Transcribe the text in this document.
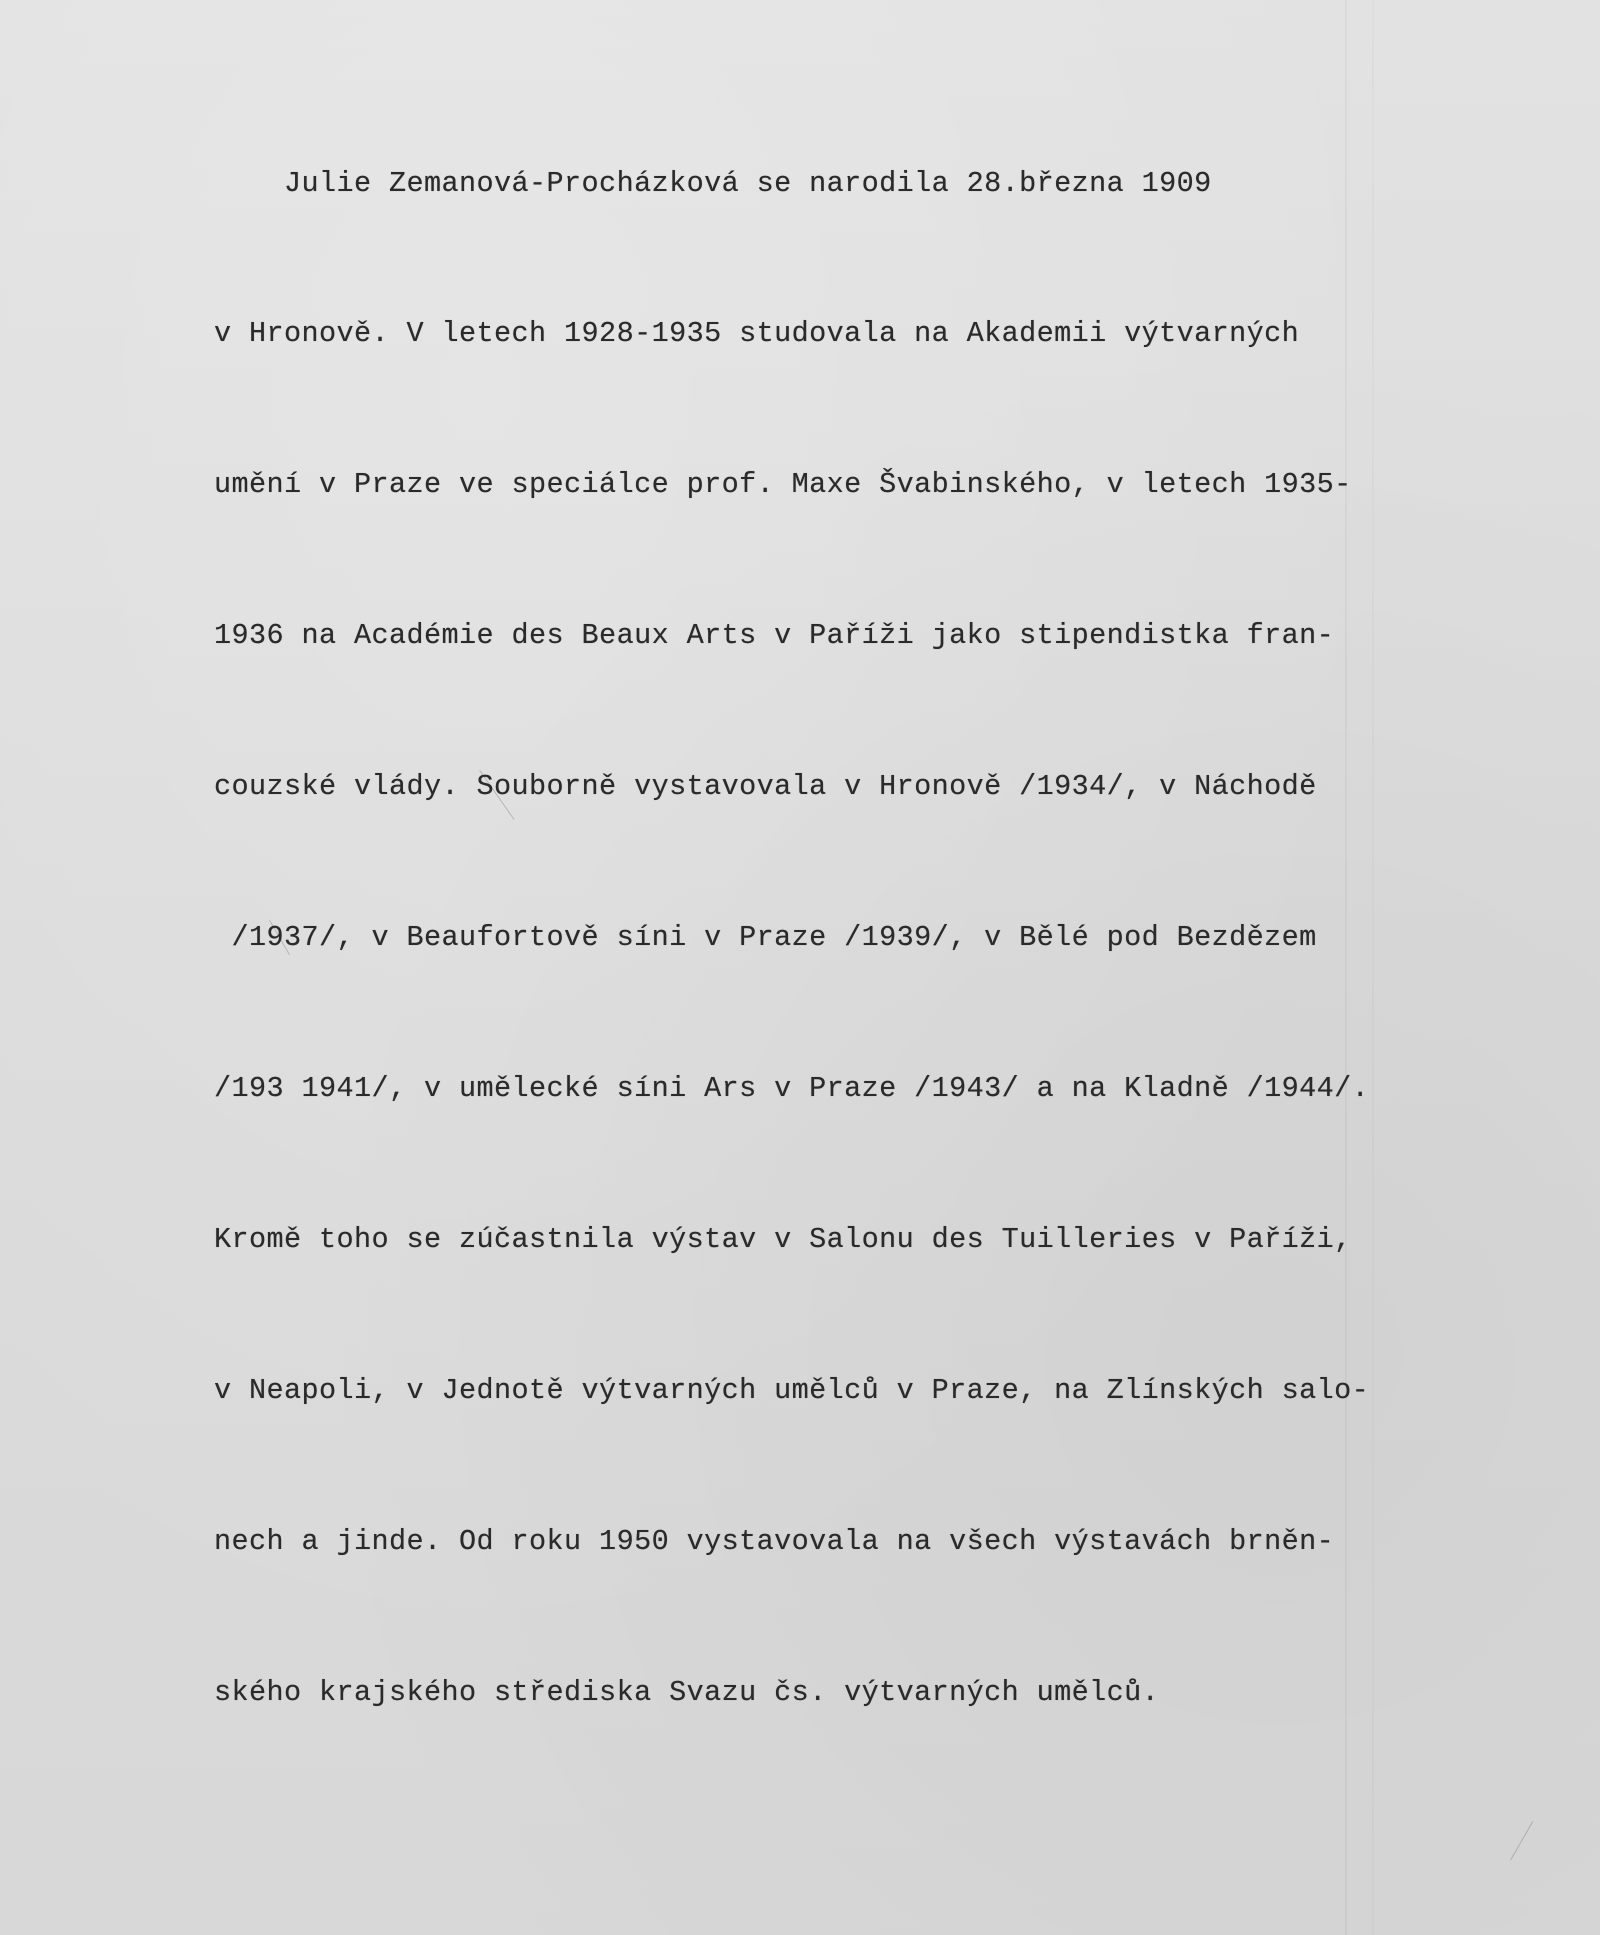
Julie Zemanová-Procházková se narodila 28.března 1909

v Hronově. V letech 1928-1935 studovala na Akademii výtvarných

umění v Praze ve speciálce prof. Maxe Švabinského, v letech 1935-

1936 na Académie des Beaux Arts v Paříži jako stipendistka fran-

couzské vlády. Souborně vystavovala v Hronově /1934/, v Náchodě

/1937/, v Beaufortově síni v Praze /1939/, v Bělé pod Bezdězem

/193 1941/, v umělecké síni Ars v Praze /1943/ a na Kladně /1944/.

Kromě toho se zúčastnila výstav v Salonu des Tuilleries v Paříži,

v Neapoli, v Jednotě výtvarných umělců v Praze, na Zlínských salo-

nech a jinde. Od roku 1950 vystavovala na všech výstavách brněn-

ského krajského střediska Svazu čs. výtvarných umělců.
